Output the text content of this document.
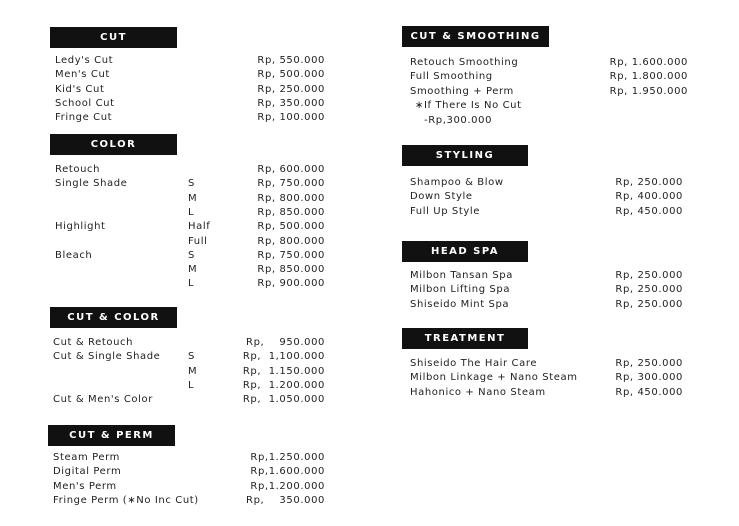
CUT
COLOR
CUT & COLOR
CUT & PERM
CUT & SMOOTHING
STYLING
HEAD SPA
TREATMENT
Ledy's Cut	Rp, 550.000
Men's Cut	Rp, 500.000
Kid's Cut	Rp, 250.000
School Cut	Rp, 350.000
Fringe Cut	Rp, 100.000
Retouch	Rp, 600.000
Single Shade	S	Rp, 750.000
M	Rp, 800.000
L	Rp, 850.000
Highlight	Half	Rp, 500.000
Full	Rp, 800.000
Bleach	S	Rp, 750.000
M	Rp, 850.000
L	Rp, 900.000
Cut & Retouch	Rp,    950.000
Cut & Single Shade	S	Rp,  1,100.000
M	Rp,  1.150.000
L	Rp,  1.200.000
Cut & Men's Color	Rp,  1.050.000
Steam Perm	Rp,1.250.000
Digital Perm	Rp,1.600.000
Men's Perm	Rp,1.200.000
Fringe Perm (∗No Inc Cut)	Rp,    350.000
Retouch Smoothing	Rp, 1.600.000
Full Smoothing	Rp, 1.800.000
Smoothing + Perm	Rp, 1.950.000
Shampoo & Blow	Rp, 250.000
Down Style	Rp, 400.000
Full Up Style	Rp, 450.000
Milbon Tansan Spa	Rp, 250.000
Milbon Lifting Spa	Rp, 250.000
Shiseido Mint Spa	Rp, 250.000
Shiseido The Hair Care	Rp, 250.000
Milbon Linkage + Nano Steam	Rp, 300.000
Hahonico + Nano Steam	Rp, 450.000
∗If There Is No Cut
-Rp,300.000
